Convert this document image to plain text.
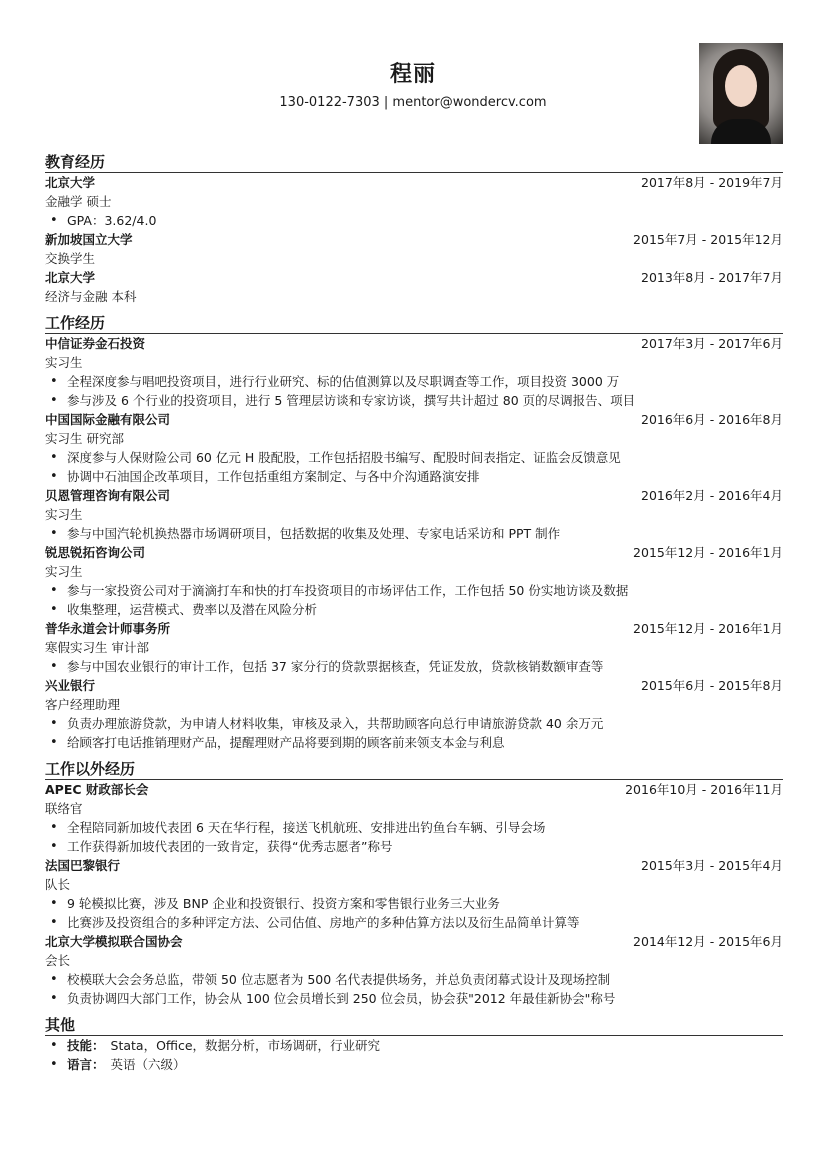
程丽
130-0122-7303 | mentor@wondercv.com
教育经历
北京大学	2017年8月 - 2019年7月
金融学 硕士
• GPA：3.62/4.0
新加坡国立大学	2015年7月 - 2015年12月
交换学生
北京大学	2013年8月 - 2017年7月
经济与金融 本科
工作经历
中信证券金石投资	2017年3月 - 2017年6月
实习生
• 全程深度参与唱吧投资项目，进行行业研究、标的估值测算以及尽职调查等工作，项目投资 3000 万
• 参与涉及 6 个行业的投资项目，进行 5 管理层访谈和专家访谈，撰写共计超过 80 页的尽调报告、项目
中国国际金融有限公司	2016年6月 - 2016年8月
实习生 研究部
• 深度参与人保财险公司 60 亿元 H 股配股，工作包括招股书编写、配股时间表指定、证监会反馈意见
• 协调中石油国企改革项目，工作包括重组方案制定、与各中介沟通路演安排
贝恩管理咨询有限公司	2016年2月 - 2016年4月
实习生
• 参与中国汽轮机换热器市场调研项目，包括数据的收集及处理、专家电话采访和 PPT 制作
锐思锐拓咨询公司	2015年12月 - 2016年1月
实习生
• 参与一家投资公司对于滴滴打车和快的打车投资项目的市场评估工作，工作包括 50 份实地访谈及数据
• 收集整理，运营模式、费率以及潜在风险分析
普华永道会计师事务所	2015年12月 - 2016年1月
寒假实习生 审计部
• 参与中国农业银行的审计工作，包括 37 家分行的贷款票据核查，凭证发放，贷款核销数额审查等
兴业银行	2015年6月 - 2015年8月
客户经理助理
• 负责办理旅游贷款，为申请人材料收集，审核及录入，共帮助顾客向总行申请旅游贷款 40 余万元
• 给顾客打电话推销理财产品，提醒理财产品将要到期的顾客前来领支本金与利息
工作以外经历
APEC 财政部长会	2016年10月 - 2016年11月
联络官
• 全程陪同新加坡代表团 6 天在华行程，接送飞机航班、安排进出钓鱼台车辆、引导会场
• 工作获得新加坡代表团的一致肯定，获得“优秀志愿者”称号
法国巴黎银行	2015年3月 - 2015年4月
队长
• 9 轮模拟比赛，涉及 BNP 企业和投资银行、投资方案和零售银行业务三大业务
• 比赛涉及投资组合的多种评定方法、公司估值、房地产的多种估算方法以及衍生品简单计算等
北京大学模拟联合国协会	2014年12月 - 2015年6月
会长
• 校模联大会会务总监，带领 50 位志愿者为 500 名代表提供场务，并总负责闭幕式设计及现场控制
• 负责协调四大部门工作，协会从 100 位会员增长到 250 位会员，协会获"2012 年最佳新协会"称号
其他
• 技能： Stata，Office，数据分析，市场调研，行业研究
• 语言： 英语（六级）
